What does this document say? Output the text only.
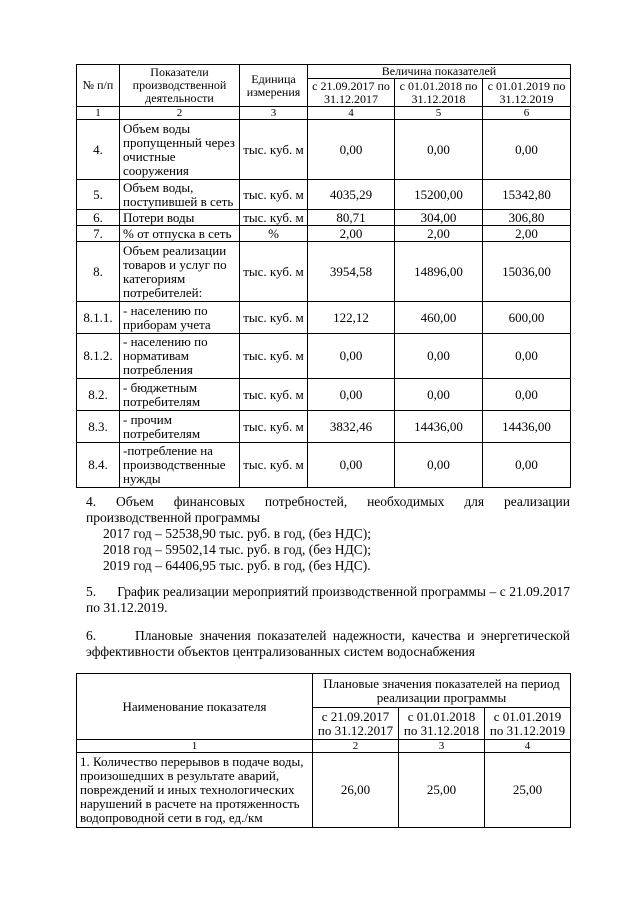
№ п/п	Показатели производственной деятельности	Единица измерения	Величина показателей		
			с 21.09.2017 по 31.12.2017	с 01.01.2018 по 31.12.2018	с 01.01.2019 по 31.12.2019
1	2	3	4	5	6
4.	Объем воды пропущенный через очистные сооружения	тыс. куб. м	0,00	0,00	0,00
5.	Объем воды, поступившей в сеть	тыс. куб. м	4035,29	15200,00	15342,80
6.	Потери воды	тыс. куб. м	80,71	304,00	306,80
7.	% от отпуска в сеть	%	2,00	2,00	2,00
8.	Объем реализации товаров и услуг по категориям потребителей:	тыс. куб. м	3954,58	14896,00	15036,00
8.1.1.	- населению по приборам учета	тыс. куб. м	122,12	460,00	600,00
8.1.2.	- населению по нормативам потребления	тыс. куб. м	0,00	0,00	0,00
8.2.	- бюджетным потребителям	тыс. куб. м	0,00	0,00	0,00
8.3.	- прочим потребителям	тыс. куб. м	3832,46	14436,00	14436,00
8.4.	-потребление на производственные нужды	тыс. куб. м	0,00	0,00	0,00
4. Объем финансовых потребностей, необходимых для реализации

производственной программы

2017 год – 52538,90 тыс. руб. в год, (без НДС);

2018 год – 59502,14 тыс. руб. в год, (без НДС);

2019 год – 64406,95 тыс. руб. в год, (без НДС).

5.      График реализации мероприятий производственной программы – с 21.09.2017

по 31.12.2019.

6.      Плановые значения показателей надежности, качества и энергетической

эффективности объектов централизованных систем водоснабжения

Наименование показателя	Плановые значения показателей на период реализации программы		
	с 21.09.2017 по 31.12.2017	с 01.01.2018 по 31.12.2018	с 01.01.2019 по 31.12.2019
1	2	3	4
1. Количество перерывов в подаче воды, произошедших в результате аварий, повреждений и иных технологических нарушений в расчете на протяженность водопроводной сети в год, ед./км	26,00	25,00	25,00
